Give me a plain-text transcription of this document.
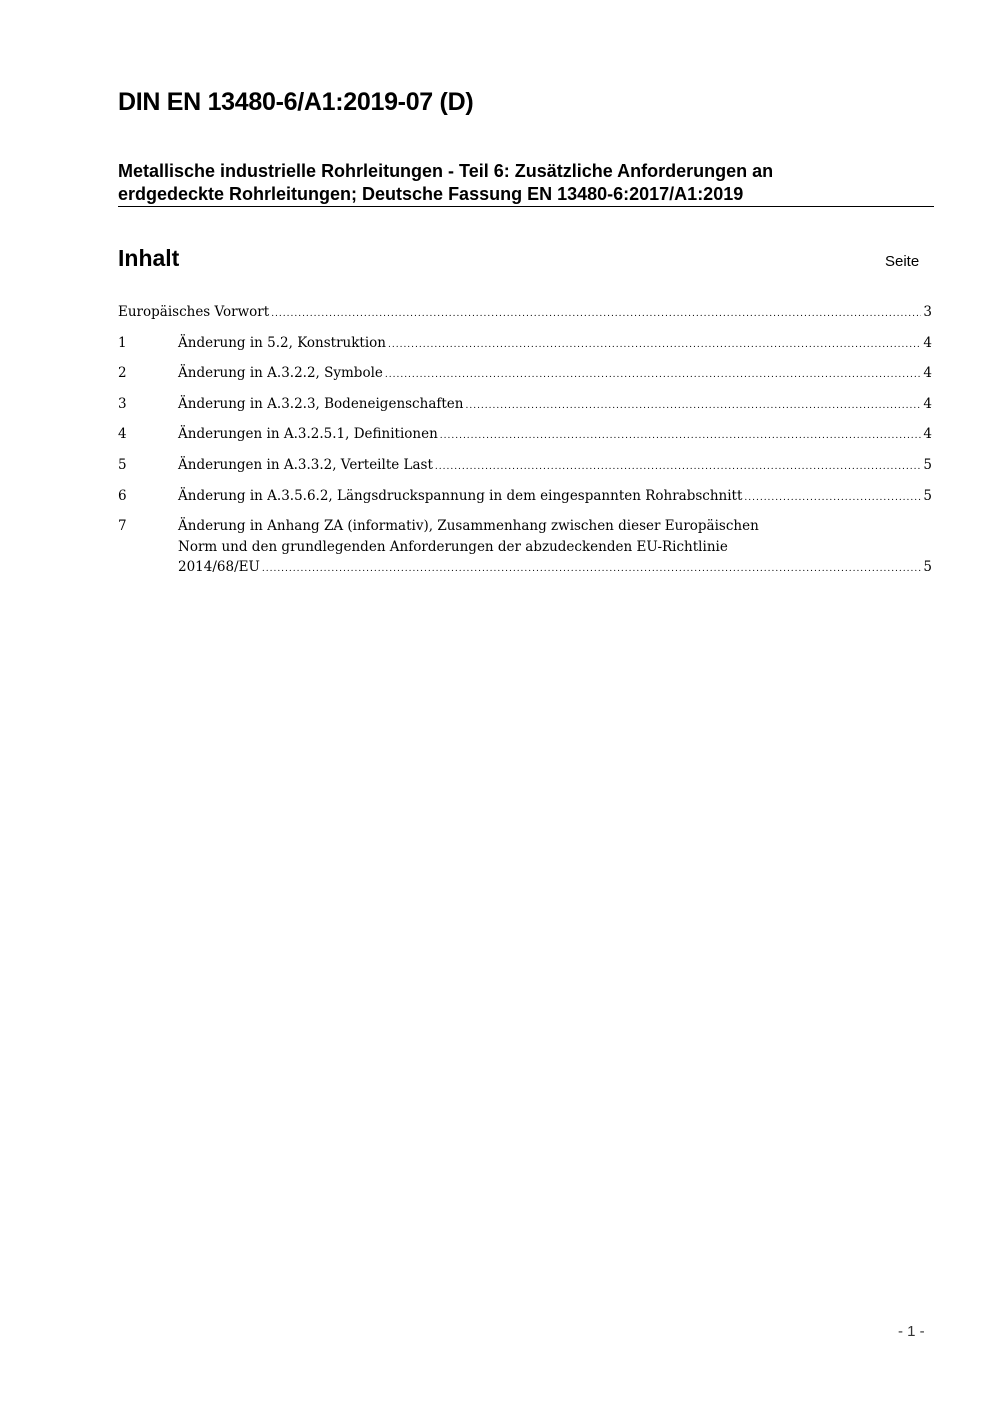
DIN EN 13480-6/A1:2019-07 (D)
Metallische industrielle Rohrleitungen - Teil 6: Zusätzliche Anforderungen an erdgedeckte Rohrleitungen; Deutsche Fassung EN 13480-6:2017/A1:2019
Inhalt	Seite
Europäisches Vorwort .....	3
1	Änderung in 5.2, Konstruktion .....	4
2	Änderung in A.3.2.2, Symbole .....	4
3	Änderung in A.3.2.3, Bodeneigenschaften .....	4
4	Änderungen in A.3.2.5.1, Definitionen .....	4
5	Änderungen in A.3.3.2, Verteilte Last .....	5
6	Änderung in A.3.5.6.2, Längsdruckspannung in dem eingespannten Rohrabschnitt .....	5
7	Änderung in Anhang ZA (informativ), Zusammenhang zwischen dieser Europäischen
Norm und den grundlegenden Anforderungen der abzudeckenden EU-Richtlinie
2014/68/EU .....	5
- 1 -
